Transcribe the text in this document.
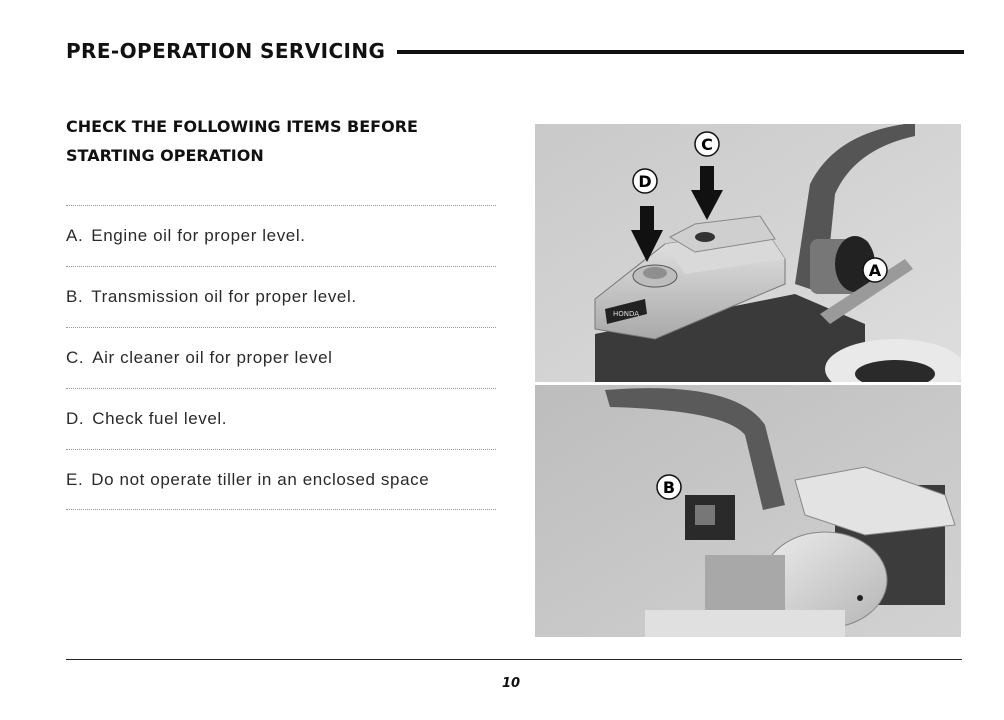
PRE-OPERATION SERVICING
CHECK THE FOLLOWING ITEMS BEFORE
STARTING OPERATION
A. Engine oil for proper level.
B. Transmission oil for proper level.
C. Air cleaner oil for proper level
D. Check fuel level.
E. Do not operate tiller in an enclosed space
HONDA
C
D
A
B
10
